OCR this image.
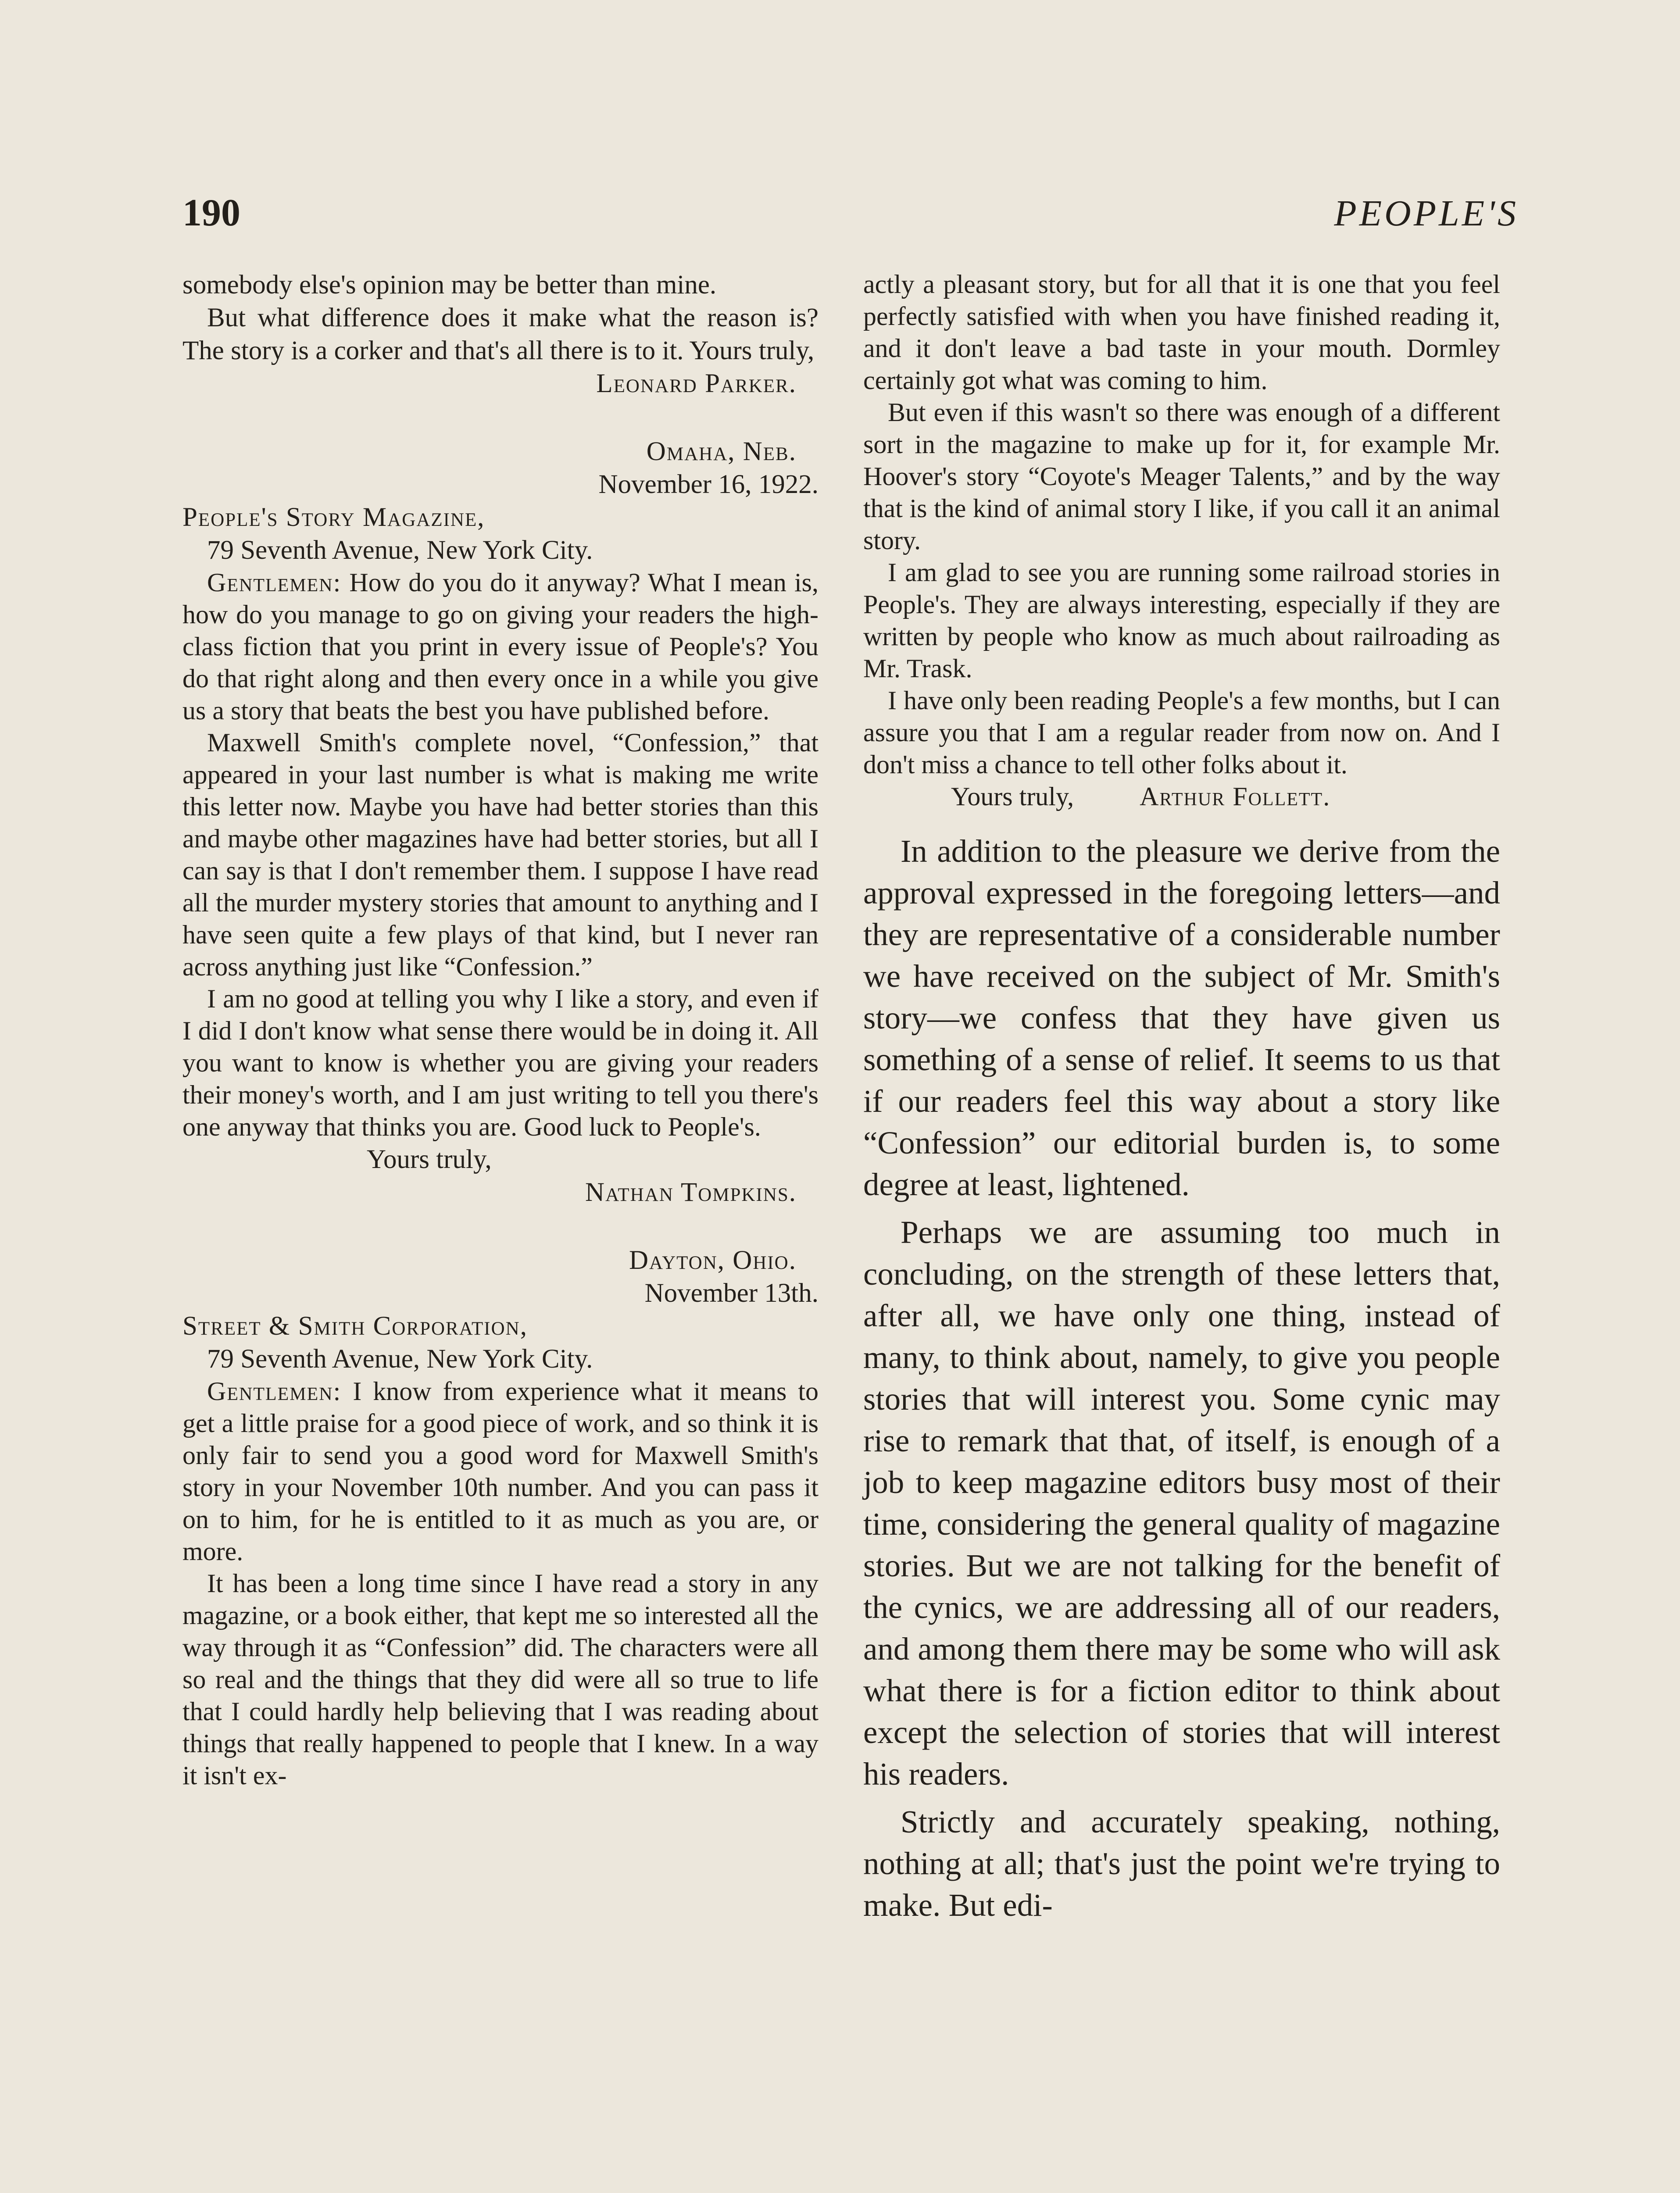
190	PEOPLE'S

somebody else's opinion may be better than mine.

But what difference does it make what the reason is? The story is a corker and that's all there is to it. Yours truly,

Leonard Parker.

Omaha, Neb.

November 16, 1922.

People's Story Magazine,

79 Seventh Avenue, New York City.

Gentlemen: How do you do it anyway? What I mean is, how do you manage to go on giving your readers the high-class fiction that you print in every issue of People's? You do that right along and then every once in a while you give us a story that beats the best you have published before.

Maxwell Smith's complete novel, “Confession,” that appeared in your last number is what is making me write this letter now. Maybe you have had better stories than this and maybe other magazines have had better stories, but all I can say is that I don't remember them. I suppose I have read all the murder mystery stories that amount to anything and I have seen quite a few plays of that kind, but I never ran across anything just like “Confession.”

I am no good at telling you why I like a story, and even if I did I don't know what sense there would be in doing it. All you want to know is whether you are giving your readers their money's worth, and I am just writing to tell you there's one anyway that thinks you are. Good luck to People's.

Yours truly,

Nathan Tompkins.

Dayton, Ohio.

November 13th.

Street & Smith Corporation,

79 Seventh Avenue, New York City.

Gentlemen: I know from experience what it means to get a little praise for a good piece of work, and so think it is only fair to send you a good word for Maxwell Smith's story in your November 10th number. And you can pass it on to him, for he is entitled to it as much as you are, or more.

It has been a long time since I have read a story in any magazine, or a book either, that kept me so interested all the way through it as “Confession” did. The characters were all so real and the things that they did were all so true to life that I could hardly help believing that I was reading about things that really happened to people that I knew. In a way it isn't ex-

actly a pleasant story, but for all that it is one that you feel perfectly satisfied with when you have finished reading it, and it don't leave a bad taste in your mouth. Dormley certainly got what was coming to him.

But even if this wasn't so there was enough of a different sort in the magazine to make up for it, for example Mr. Hoover's story “Coyote's Meager Talents,” and by the way that is the kind of animal story I like, if you call it an animal story.

I am glad to see you are running some railroad stories in People's. They are always interesting, especially if they are written by people who know as much about railroading as Mr. Trask.

I have only been reading People's a few months, but I can assure you that I am a regular reader from now on. And I don't miss a chance to tell other folks about it.

Yours truly,	Arthur Follett.

In addition to the pleasure we derive from the approval expressed in the foregoing letters—and they are representative of a considerable number we have received on the subject of Mr. Smith's story—we confess that they have given us something of a sense of relief. It seems to us that if our readers feel this way about a story like “Confession” our editorial burden is, to some degree at least, lightened.

Perhaps we are assuming too much in concluding, on the strength of these letters that, after all, we have only one thing, instead of many, to think about, namely, to give you people stories that will interest you. Some cynic may rise to remark that that, of itself, is enough of a job to keep magazine editors busy most of their time, considering the general quality of magazine stories. But we are not talking for the benefit of the cynics, we are addressing all of our readers, and among them there may be some who will ask what there is for a fiction editor to think about except the selection of stories that will interest his readers.

Strictly and accurately speaking, nothing, nothing at all; that's just the point we're trying to make. But edi-
